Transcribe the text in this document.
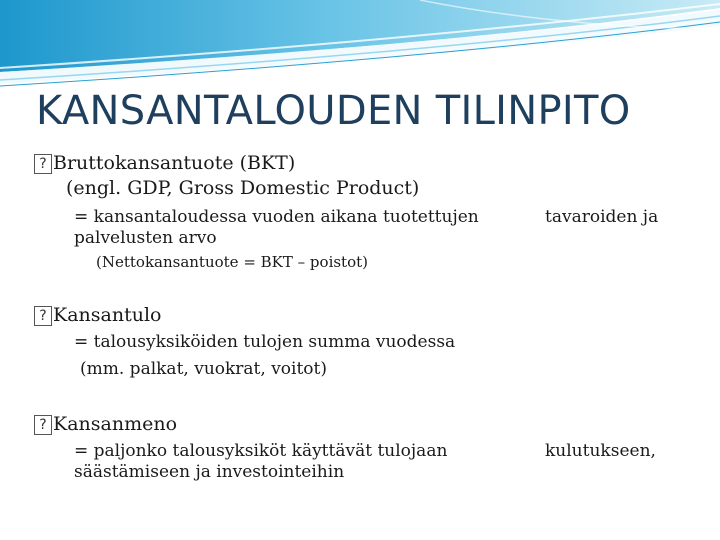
KANSANTALOUDEN TILINPITO
? Bruttokansantuote (BKT)
(engl. GDP, Gross Domestic Product)
= kansantaloudessa vuoden aikana tuotettujen	tavaroiden ja
palvelusten arvo
(Nettokansantuote = BKT – poistot)
? Kansantulo
= talousyksiköiden tulojen summa vuodessa
(mm. palkat, vuokrat, voitot)
? Kansanmeno
= paljonko talousyksiköt käyttävät tulojaan	kulutukseen,
säästämiseen ja investointeihin
